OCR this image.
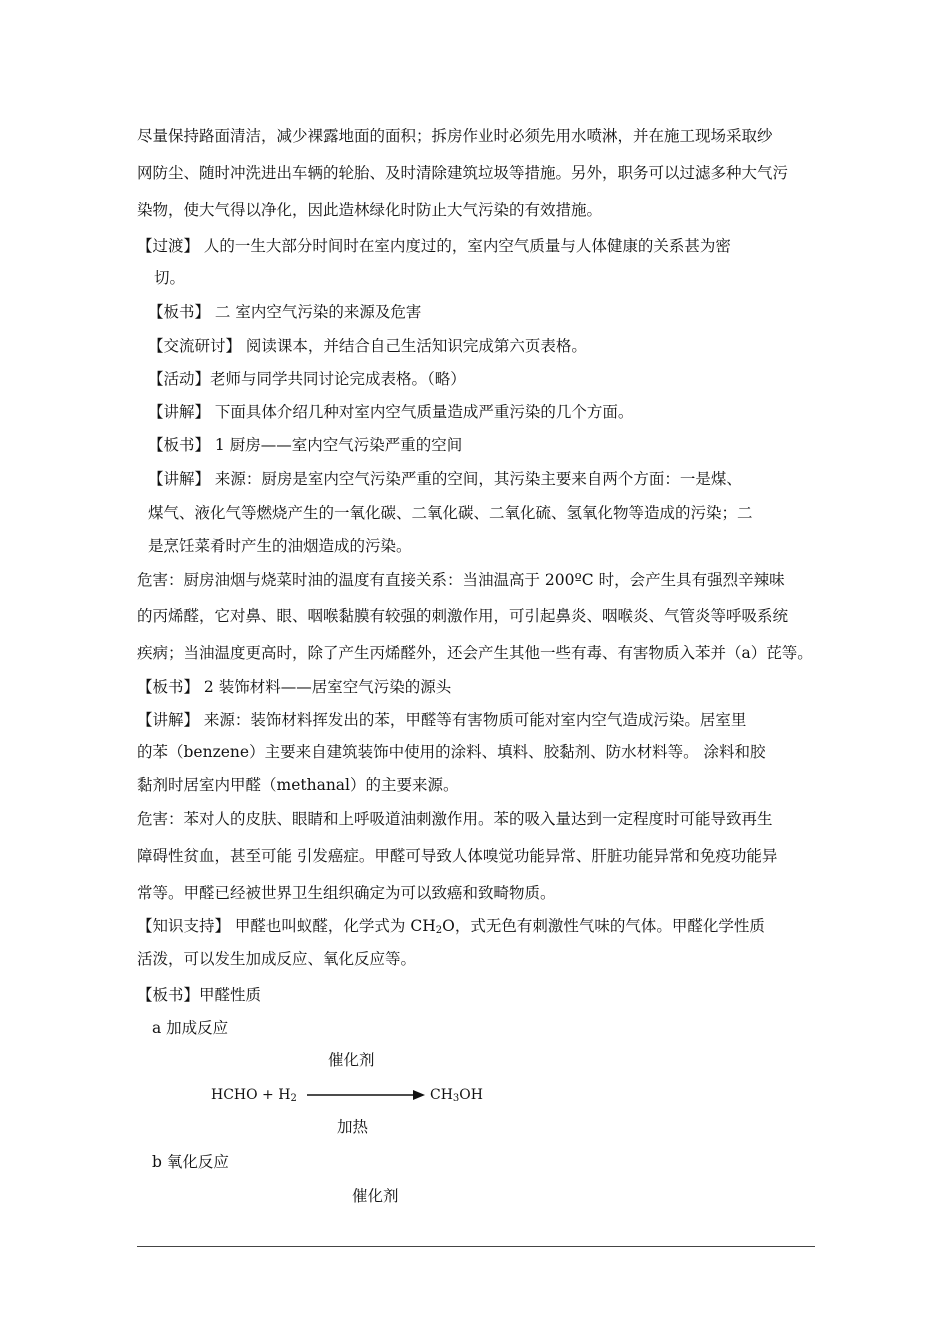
尽量保持路面清洁，减少裸露地面的面积；拆房作业时必须先用水喷淋，并在施工现场采取纱
网防尘、随时冲洗进出车辆的轮胎、及时清除建筑垃圾等措施。另外，职务可以过滤多种大气污
染物，使大气得以净化，因此造林绿化时防止大气污染的有效措施。
【过渡】 人的一生大部分时间时在室内度过的，室内空气质量与人体健康的关系甚为密
切。
【板书】 二 室内空气污染的来源及危害
【交流研讨】 阅读课本，并结合自己生活知识完成第六页表格。
【活动】老师与同学共同讨论完成表格。（略）
【讲解】 下面具体介绍几种对室内空气质量造成严重污染的几个方面。
【板书】 1 厨房——室内空气污染严重的空间
【讲解】 来源：厨房是室内空气污染严重的空间，其污染主要来自两个方面：一是煤、
煤气、液化气等燃烧产生的一氧化碳、二氧化碳、二氧化硫、氢氧化物等造成的污染；二
是烹饪菜肴时产生的油烟造成的污染。
危害：厨房油烟与烧菜时油的温度有直接关系：当油温高于 200ºC 时，会产生具有强烈辛辣味
的丙烯醛，它对鼻、眼、咽喉黏膜有较强的刺激作用，可引起鼻炎、咽喉炎、气管炎等呼吸系统
疾病；当油温度更高时，除了产生丙烯醛外，还会产生其他一些有毒、有害物质入苯并（a）芘等。
【板书】 2 装饰材料——居室空气污染的源头
【讲解】 来源：装饰材料挥发出的苯，甲醛等有害物质可能对室内空气造成污染。居室里
的苯（benzene）主要来自建筑装饰中使用的涂料、填料、胶黏剂、防水材料等。 涂料和胶
黏剂时居室内甲醛（methanal）的主要来源。
危害：苯对人的皮肤、眼睛和上呼吸道油刺激作用。苯的吸入量达到一定程度时可能导致再生
障碍性贫血，甚至可能 引发癌症。甲醛可导致人体嗅觉功能异常、肝脏功能异常和免疫功能异
常等。甲醛已经被世界卫生组织确定为可以致癌和致畸物质。
【知识支持】 甲醛也叫蚁醛，化学式为 $CH_2O$，式无色有刺激性气味的气体。甲醛化学性质
活泼，可以发生加成反应、氧化反应等。
【板书】甲醛性质
a 加成反应
催化剂
HCHO + $H_2$	$CH_3OH$
加热
b 氧化反应
催化剂
